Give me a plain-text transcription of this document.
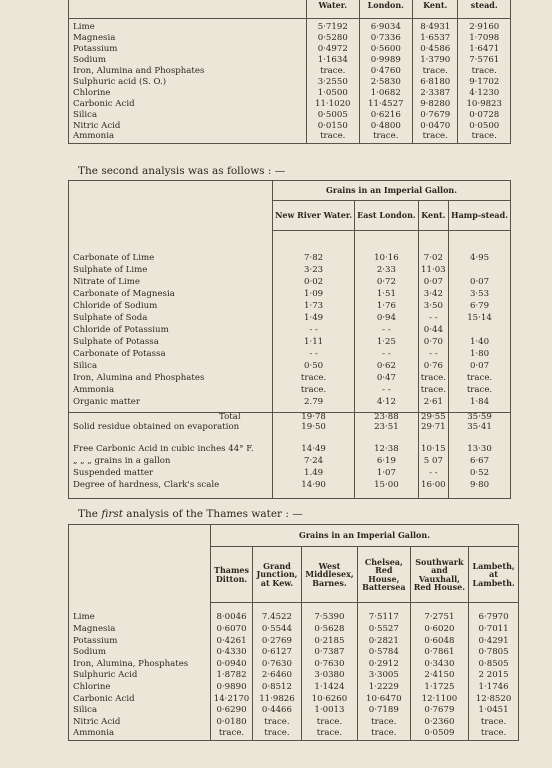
	Water.	London.	Kent.	stead.

Lime	5·7192	6·9034	8·4931	2·9160
Magnesia	0·5280	0·7336	1·6537	1·7098
Potassium	0·4972	0·5600	0·4586	1·6471
Sodium	1·1634	0·9989	1·3790	7·5761
Iron, Alumina and Phosphates	trace.	0·4760	trace.	trace.
Sulphuric acid (S. O.)	3·2550	2·5830	6·8180	9·1702
Chlorine	1·0500	1·0682	2·3387	4·1230
Carbonic Acid	11·1020	11·4527	9·8280	10·9823
Silica	0·5005	0·6216	0·7679	0·0728
Nitric Acid	0·0150	0·4800	0·0470	0·0500
Ammonia	trace.	trace.	trace.	trace.
The second analysis was as follows : —
	Grains in an Imperial Gallon.			
	New River Water.	East London.	Kent.	Hamp-stead.

Carbonate of Lime	7·82	10·16	7·02	4·95
Sulphate of Lime	3·23	2·33	11·03	
Nitrate of Lime	0·02	0·72	0·07	0·07
Carbonate of Magnesia	1·09	1·51	3·42	3·53
Chloride of Sodium	1·73	1·76	3·50	6·79
Sulphate of Soda	1·49	0·94	- -	15·14
Chloride of Potassium	- -	- -	0·44	
Sulphate of Potassa	1·11	1·25	0·70	1·40
Carbonate of Potassa	- -	- -	- -	1·80
Silica	0·50	0·62	0·76	0·07
Iron, Alumina and Phosphates	trace.	0·47	trace.	trace.
Ammonia	trace.	- -	trace.	trace.
Organic matter	2.79	4·12	2·61	1·84

Total	19·78	23·88	29·55	35·59
Solid residue obtained on evaporation	19·50	23·51	29·71	35·41

Free Carbonic Acid in cubic inches 44° F.	14·49	12·38	10·15	13·30
„ „ „ grains in a gallon	7·24	6·19	5 07	6·67
Suspended matter	1.49	1·07	- -	0·52
Degree of hardness, Clark's scale	14·90	15·00	16·00	9·80

The first analysis of the Thames water : —
	Grains in an Imperial Gallon.					
	Thames Ditton.	Grand Junction, at Kew.	West Middlesex, Barnes.	Chelsea, Red House, Battersea	Southwark and Vauxhall, Red House.	Lambeth, at Lambeth.

Lime	8·0046	7.4522	7·5390	7·5117	7·2751	6·7970
Magnesia	0·6070	0·5544	0·5628	0·5527	0·6020	0·7011
Potassium	0·4261	0·2769	0·2185	0·2821	0·6048	0·4291
Sodium	0·4330	0·6127	0·7387	0·5784	0·7861	0·7805
Iron, Alumina, Phosphates	0·0940	0·7630	0·7630	0·2912	0·3430	0·8505
Sulphuric Acid	1·8782	2·6460	3·0380	3·3005	2·4150	2 2015
Chlorine	0·9890	0·8512	1·1424	1·2229	1·1725	1·1746
Carbonic Acid	14·2170	11·9826	10·6260	10·6470	12·1100	12·8520
Silica	0·6290	0·4466	1·0013	0·7189	0·7679	1·0451
Nitric Acid	0·0180	trace.	trace.	trace.	0·2360	trace.
Ammonia	trace.	trace.	trace.	trace.	0·0509	trace.
